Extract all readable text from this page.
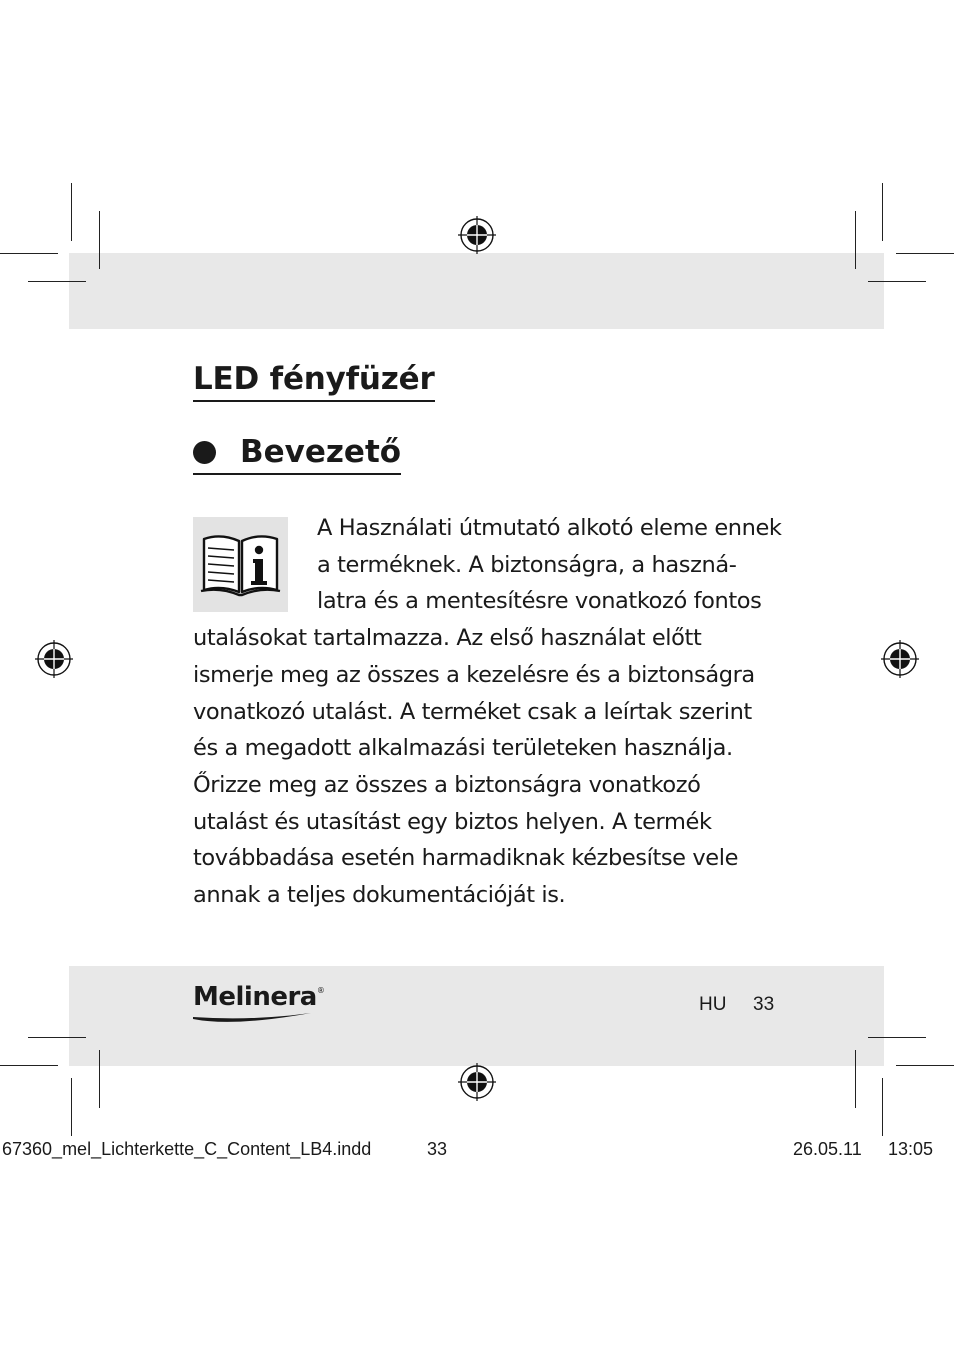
LED fényfüzér
Bevezető

A Használati útmutató alkotó eleme ennek
a terméknek. A biztonságra, a haszná-
latra és a mentesítésre vonatkozó fontos
utalásokat tartalmazza. Az első használat előtt
ismerje meg az összes a kezelésre és a biztonságra
vonatkozó utalást. A terméket csak a leírtak szerint
és a megadott alkalmazási területeken használja.
Őrizze meg az összes a biztonságra vonatkozó
utalást és utasítást egy biztos helyen. A termék
továbbadása esetén harmadiknak kézbesítse vele
annak a teljes dokumentációját is.

Melinera®
HU 33
67360_mel_Lichterkette_C_Content_LB4.indd	33	26.05.11 13:05
